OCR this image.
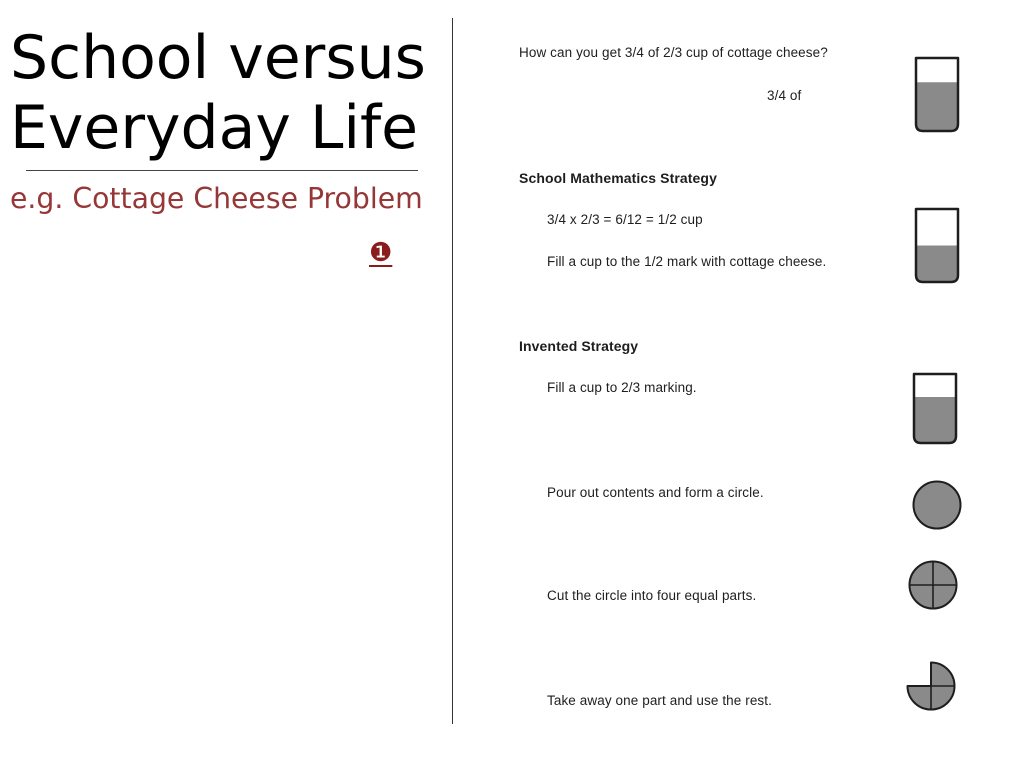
School versus Everyday Life
e.g. Cottage Cheese Problem
❶
How can you get 3/4 of 2/3 cup of cottage cheese?
3/4 of
School Mathematics Strategy
3/4 x 2/3 = 6/12 = 1/2 cup
Fill a cup to the 1/2 mark with cottage cheese.
Invented Strategy
Fill a cup to 2/3 marking.
Pour out contents and form a circle.
Cut the circle into four equal parts.
Take away one part and use the rest.
